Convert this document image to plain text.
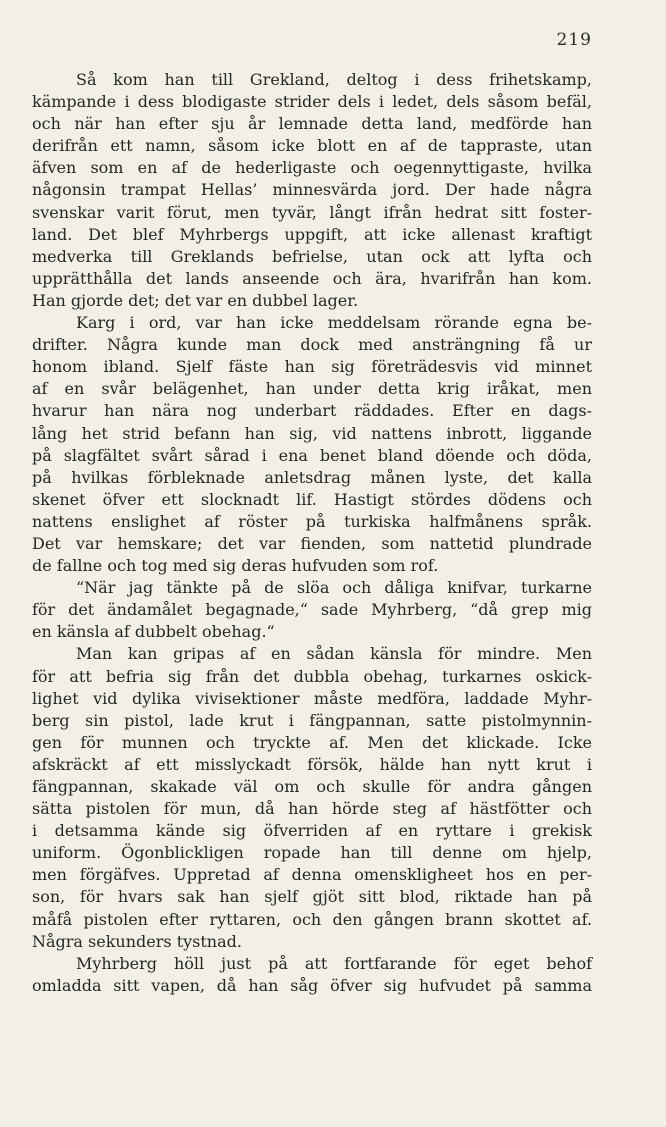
219
Så kom han till Grekland, deltog i dess frihetskamp,
kämpande i dess blodigaste strider dels i ledet, dels såsom befäl,
och när han efter sju år lemnade detta land, medförde han
derifrån ett namn, såsom icke blott en af de tappraste, utan
äfven som en af de hederligaste och oegennyttigaste, hvilka
någonsin trampat Hellas’ minnesvärda jord. Der hade några
svenskar varit förut, men tyvär, långt ifrån hedrat sitt foster-
land. Det blef Myhrbergs uppgift, att icke allenast kraftigt
medverka till Greklands befrielse, utan ock att lyfta och
upprätthålla det lands anseende och ära, hvarifrån han kom.
Han gjorde det; det var en dubbel lager.
Karg i ord, var han icke meddelsam rörande egna be-
drifter. Några kunde man dock med ansträngning få ur
honom ibland. Sjelf fäste han sig företrädesvis vid minnet
af en svår belägenhet, han under detta krig iråkat, men
hvarur han nära nog underbart räddades. Efter en dags-
lång het strid befann han sig, vid nattens inbrott, liggande
på slagfältet svårt sårad i ena benet bland döende och döda,
på hvilkas förbleknade anletsdrag månen lyste, det kalla
skenet öfver ett slocknadt lif. Hastigt stördes dödens och
nattens enslighet af röster på turkiska halfmånens språk.
Det var hemskare; det var fienden, som nattetid plundrade
de fallne och tog med sig deras hufvuden som rof.
“När jag tänkte på de slöa och dåliga knifvar, turkarne
för det ändamålet begagnade,“ sade Myhrberg, “då grep mig
en känsla af dubbelt obehag.“
Man kan gripas af en sådan känsla för mindre. Men
för att befria sig från det dubbla obehag, turkarnes oskick-
lighet vid dylika vivisektioner måste medföra, laddade Myhr-
berg sin pistol, lade krut i fängpannan, satte pistolmynnin-
gen för munnen och tryckte af. Men det klickade. Icke
afskräckt af ett misslyckadt försök, hälde han nytt krut i
fängpannan, skakade väl om och skulle för andra gången
sätta pistolen för mun, då han hörde steg af hästfötter och
i detsamma kände sig öfverriden af en ryttare i grekisk
uniform. Ögonblickligen ropade han till denne om hjelp,
men förgäfves. Uppretad af denna omenskligheet hos en per-
son, för hvars sak han sjelf gjöt sitt blod, riktade han på
måfå pistolen efter ryttaren, och den gången brann skottet af.
Några sekunders tystnad.
Myhrberg höll just på att fortfarande för eget behof
omladda sitt vapen, då han såg öfver sig hufvudet på samma
